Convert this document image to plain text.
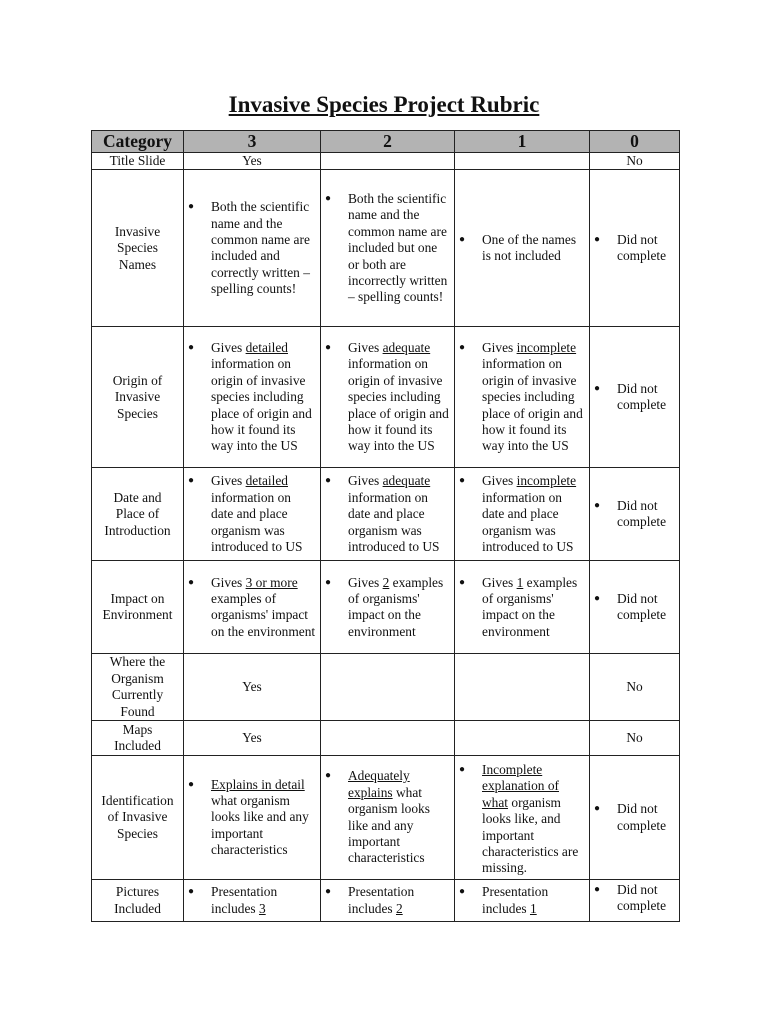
Invasive Species Project Rubric
Category	3	2	1	0
Title Slide	Yes			No

Invasive Species Names	● Both the scientific name and the common name are included and correctly written – spelling counts!	● Both the scientific name and the common name are included but one or both are incorrectly written – spelling counts!	● One of the names is not included	● Did not complete

Origin of Invasive Species	● Gives detailed information on origin of invasive species including place of origin and how it found its way into the US	● Gives adequate information on origin of invasive species including place of origin and how it found its way into the US	● Gives incomplete information on origin of invasive species including place of origin and how it found its way into the US	● Did not complete

Date and Place of Introduction	● Gives detailed information on date and place organism was introduced to US	● Gives adequate information on date and place organism was introduced to US	● Gives incomplete information on date and place organism was introduced to US	● Did not complete

Impact on Environment	● Gives 3 or more examples of organisms' impact on the environment	● Gives 2 examples of organisms' impact on the environment	● Gives 1 examples of organisms' impact on the environment	● Did not complete

Where the Organism Currently Found	Yes			No

Maps Included	Yes			No

Identification of Invasive Species	● Explains in detail what organism looks like and any important characteristics	● Adequately
explains what organism looks like and any important characteristics	● Incomplete
explanation of
what organism looks like, and important characteristics are missing.	● Did not complete

Pictures Included	● Presentation includes 3	● Presentation includes 2	● Presentation includes 1	● Did not complete
